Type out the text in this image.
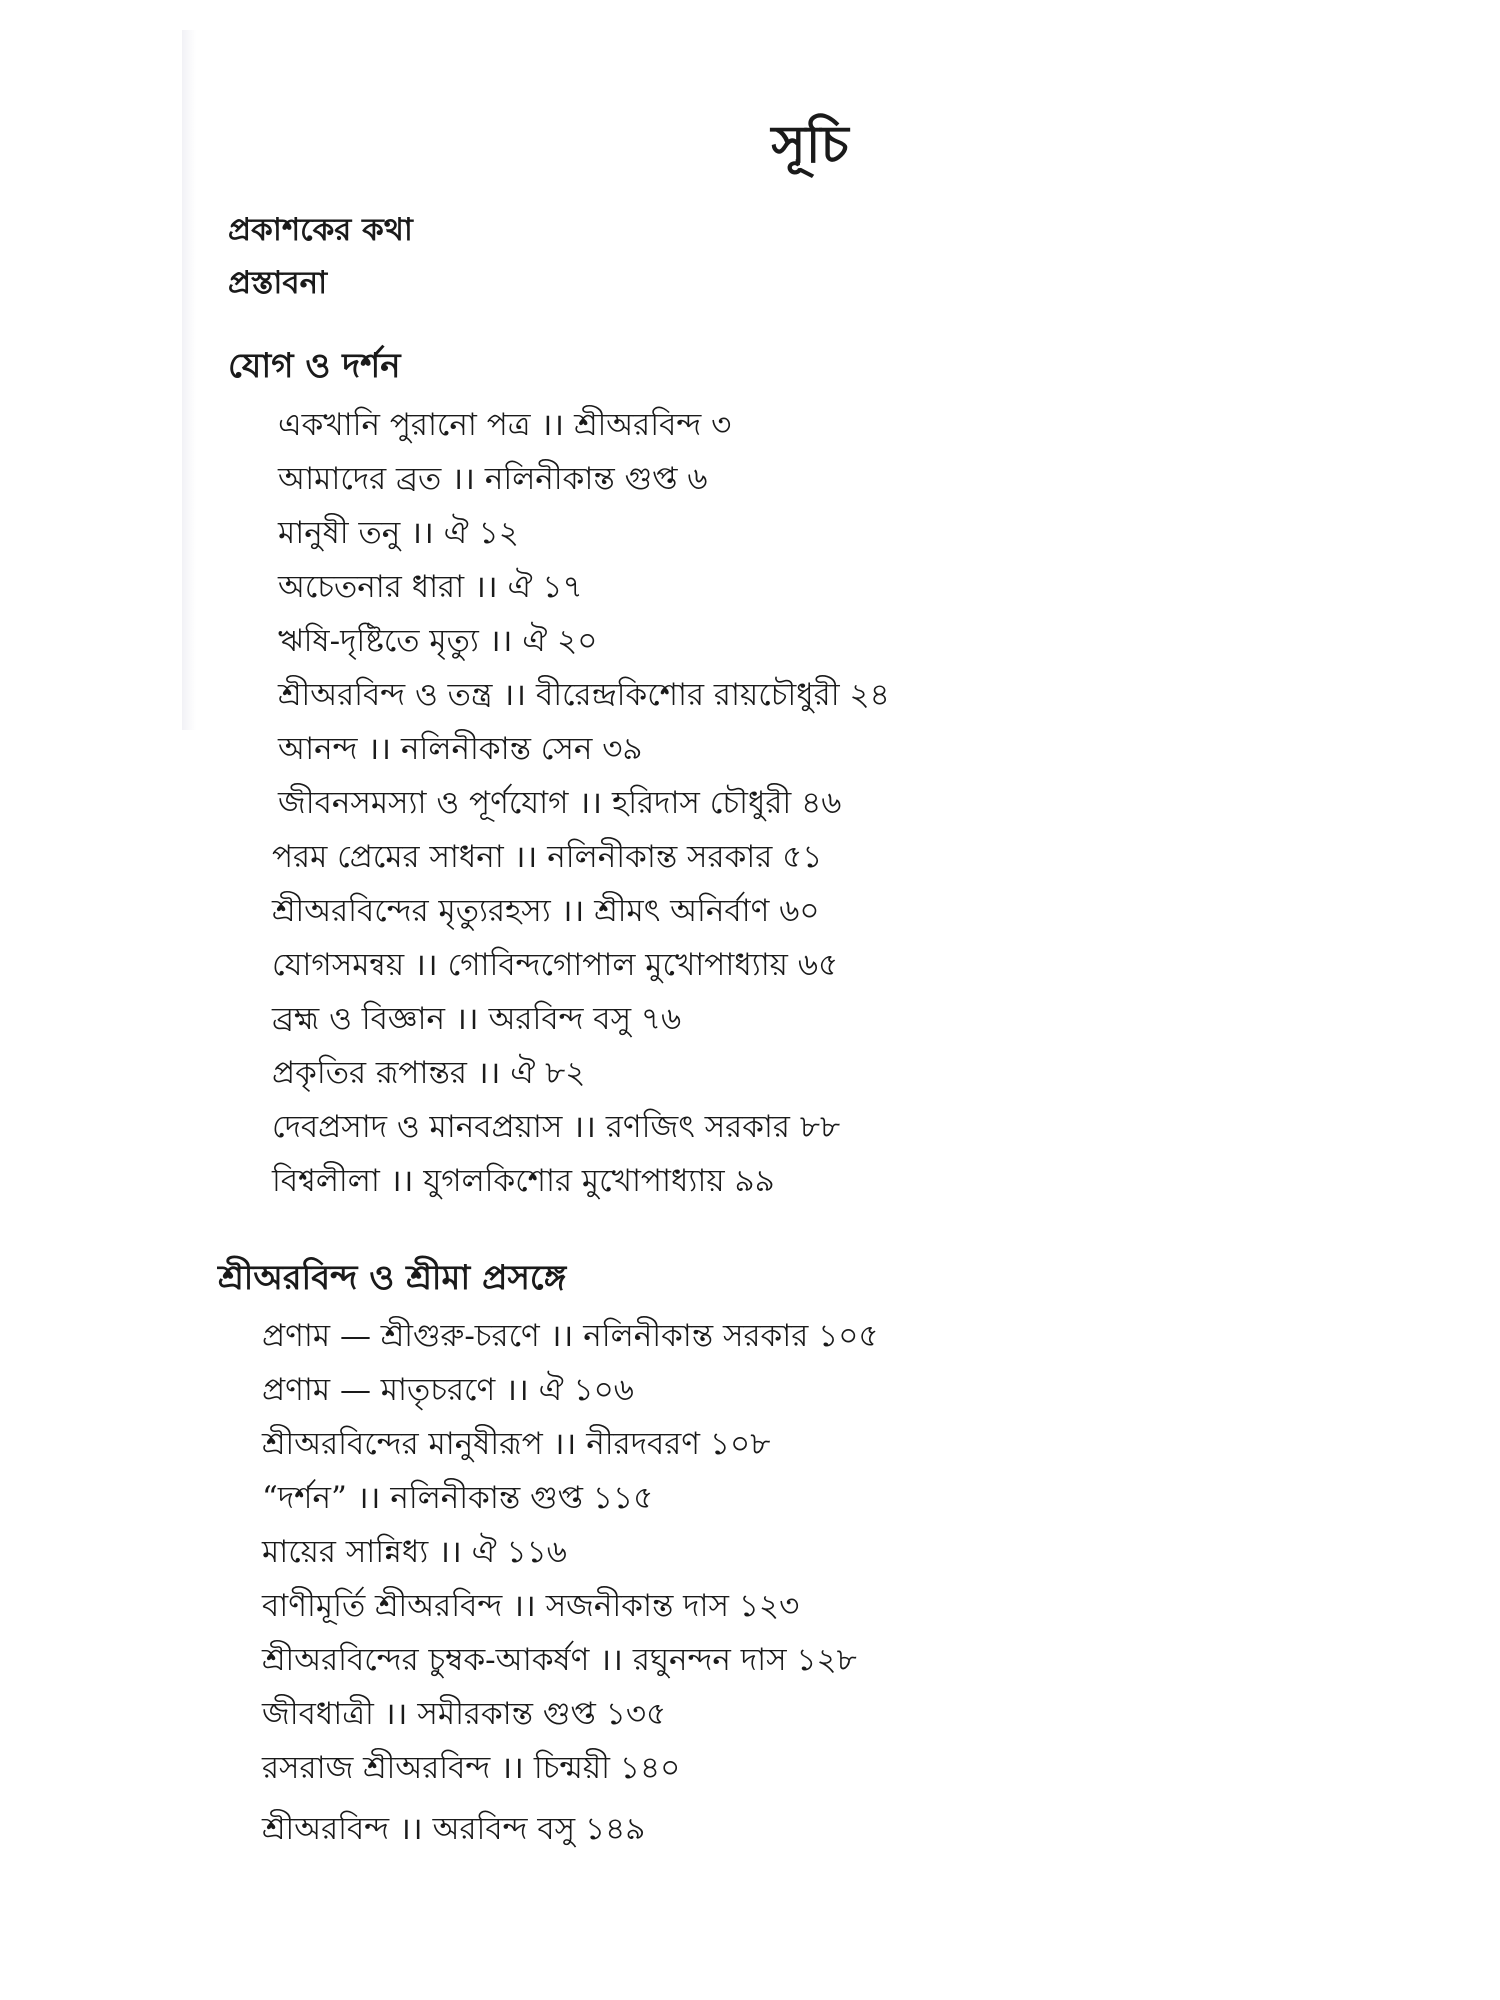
সূচি
প্রকাশকের কথা
প্রস্তাবনা
যোগ ও দর্শন
একখানি পুরানো পত্র ।। শ্রীঅরবিন্দ ৩
আমাদের ব্রত ।। নলিনীকান্ত গুপ্ত ৬
মানুষী তনু ।। ঐ ১২
অচেতনার ধারা ।। ঐ ১৭
ঋষি-দৃষ্টিতে মৃত্যু ।। ঐ ২০
শ্রীঅরবিন্দ ও তন্ত্র ।। বীরেন্দ্রকিশোর রায়চৌধুরী ২৪
আনন্দ ।। নলিনীকান্ত সেন ৩৯
জীবনসমস্যা ও পূর্ণযোগ ।। হরিদাস চৌধুরী ৪৬
পরম প্রেমের সাধনা ।। নলিনীকান্ত সরকার ৫১
শ্রীঅরবিন্দের মৃত্যুরহস্য ।। শ্রীমৎ অনির্বাণ ৬০
যোগসমন্বয় ।। গোবিন্দগোপাল মুখোপাধ্যায় ৬৫
ব্রহ্ম ও বিজ্ঞান ।। অরবিন্দ বসু ৭৬
প্রকৃতির রূপান্তর ।। ঐ ৮২
দেবপ্রসাদ ও মানবপ্রয়াস ।। রণজিৎ সরকার ৮৮
বিশ্বলীলা ।। যুগলকিশোর মুখোপাধ্যায় ৯৯
শ্রীঅরবিন্দ ও শ্রীমা প্রসঙ্গে
প্রণাম — শ্রীগুরু-চরণে ।। নলিনীকান্ত সরকার ১০৫
প্রণাম — মাতৃচরণে ।। ঐ ১০৬
শ্রীঅরবিন্দের মানুষীরূপ ।। নীরদবরণ ১০৮
“দর্শন” ।। নলিনীকান্ত গুপ্ত ১১৫
মায়ের সান্নিধ্য ।। ঐ ১১৬
বাণীমূর্তি শ্রীঅরবিন্দ ।। সজনীকান্ত দাস ১২৩
শ্রীঅরবিন্দের চুম্বক-আকর্ষণ ।। রঘুনন্দন দাস ১২৮
জীবধাত্রী ।। সমীরকান্ত গুপ্ত ১৩৫
রসরাজ শ্রীঅরবিন্দ ।। চিন্ময়ী ১৪০
শ্রীঅরবিন্দ ।। অরবিন্দ বসু ১৪৯
